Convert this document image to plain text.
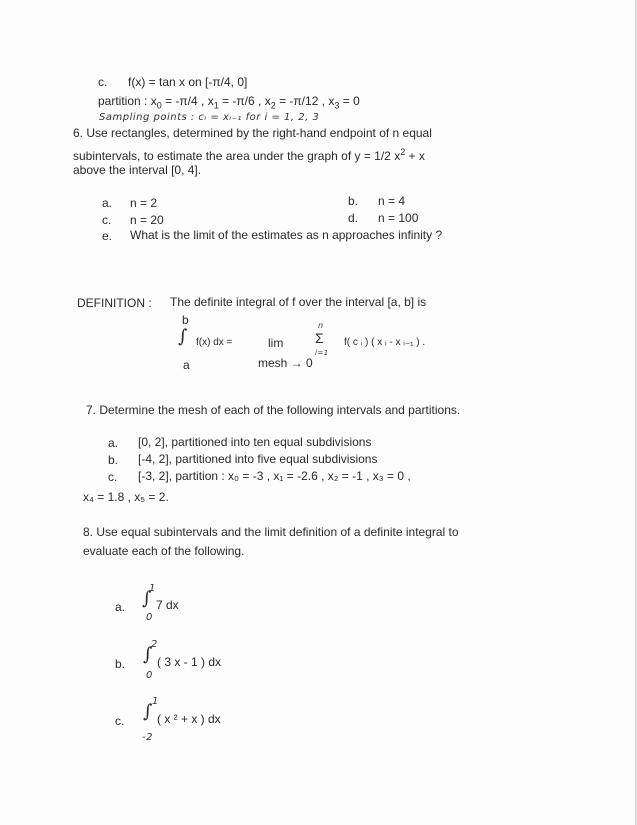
c. f(x) = tan x on [-π/4, 0]
partition : $x_0 = -\pi/4$ , $x_1 = -\pi/6$ , $x_2 = -\pi/12$ , $x_3 = 0$
Sampling points : cᵢ = xᵢ₋₁ for i = 1, 2, 3
6. Use rectangles, determined by the right-hand endpoint of n equal
subintervals, to estimate the area under the graph of y = 1/2 $x^2 + x$
above the interval [0, 4].
a. n = 2	b. n = 4
c. n = 20	d. n = 100
e. What is the limit of the estimates as n approaches infinity ?
DEFINITION : The definite integral of f over the interval [a, b] is
b
∫ f(x) dx =
a
lim
mesh → 0
n
Σ
i=1
f( c ᵢ ) ( x ᵢ - x ᵢ₋₁ ) .
7. Determine the mesh of each of the following intervals and partitions.
a. [0, 2], partitioned into ten equal subdivisions
b. [-4, 2], partitioned into five equal subdivisions
c. [-3, 2], partition : x₀ = -3 , x₁ = -2.6 , x₂ = -1 , x₃ = 0 ,
x₄ = 1.8 , x₅ = 2.
8. Use equal subintervals and the limit definition of a definite integral to
evaluate each of the following.
a.
1
∫ 7 dx
0
b.
2
∫ ( 3 x - 1 ) dx
0
c.
1
∫ ( x ² + x ) dx
-2
